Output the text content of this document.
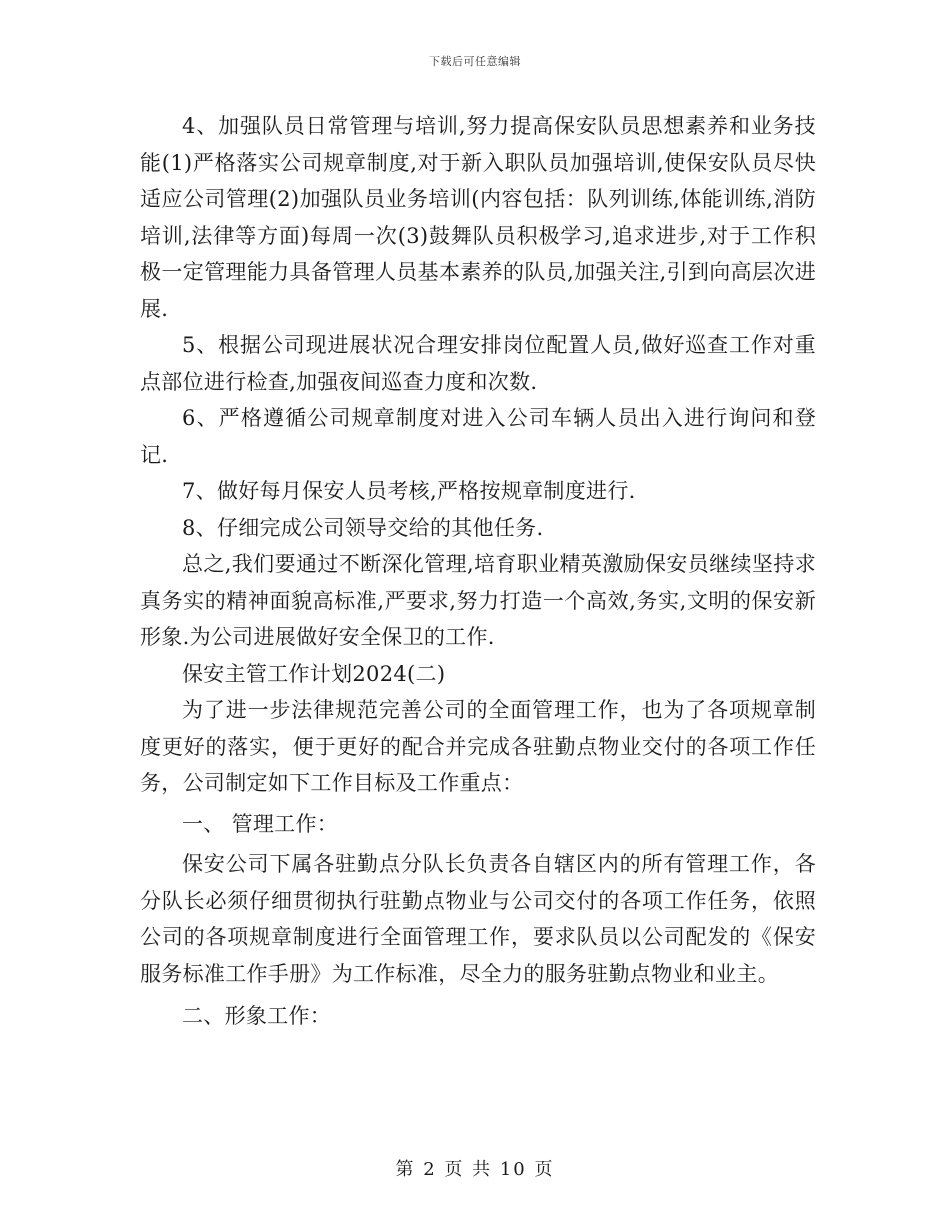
下载后可任意编辑

4、加强队员日常管理与培训,努力提高保安队员思想素养和业务技能(1)严格落实公司规章制度,对于新入职队员加强培训,使保安队员尽快适应公司管理(2)加强队员业务培训(内容包括：队列训练,体能训练,消防培训,法律等方面)每周一次(3)鼓舞队员积极学习,追求进步,对于工作积极一定管理能力具备管理人员基本素养的队员,加强关注,引到向高层次进展.

5、根据公司现进展状况合理安排岗位配置人员,做好巡查工作对重点部位进行检查,加强夜间巡查力度和次数.

6、严格遵循公司规章制度对进入公司车辆人员出入进行询问和登记.

7、做好每月保安人员考核,严格按规章制度进行.

8、仔细完成公司领导交给的其他任务.

总之,我们要通过不断深化管理,培育职业精英激励保安员继续坚持求真务实的精神面貌高标准,严要求,努力打造一个高效,务实,文明的保安新形象.为公司进展做好安全保卫的工作.

保安主管工作计划2024(二)

为了进一步法律规范完善公司的全面管理工作，也为了各项规章制度更好的落实，便于更好的配合并完成各驻勤点物业交付的各项工作任务，公司制定如下工作目标及工作重点：

一、 管理工作：

保安公司下属各驻勤点分队长负责各自辖区内的所有管理工作，各分队长必须仔细贯彻执行驻勤点物业与公司交付的各项工作任务，依照公司的各项规章制度进行全面管理工作，要求队员以公司配发的《保安服务标准工作手册》为工作标准，尽全力的服务驻勤点物业和业主。

二、形象工作：

第 2 页 共 10 页
